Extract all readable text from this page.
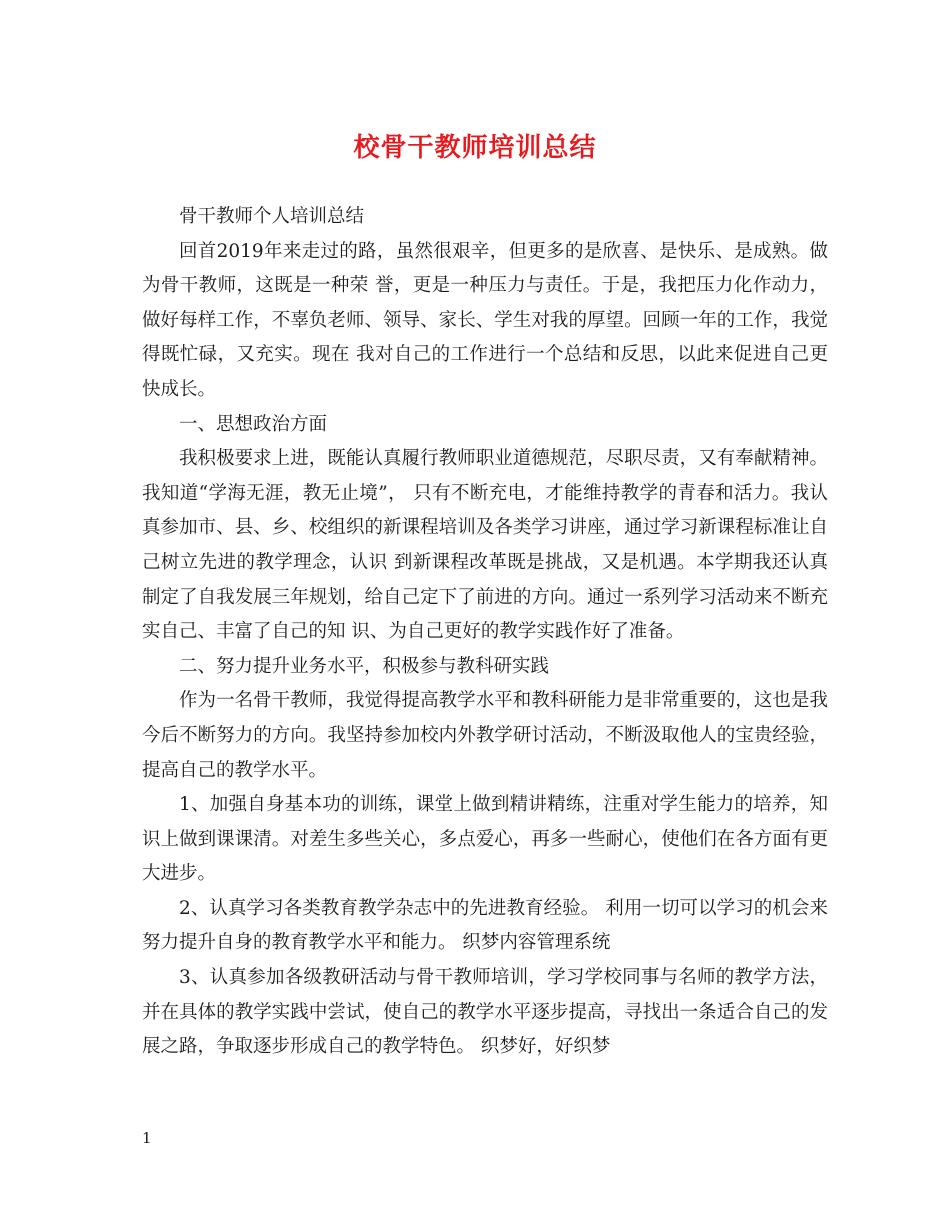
校骨干教师培训总结

骨干教师个人培训总结

回首2019年来走过的路，虽然很艰辛，但更多的是欣喜、是快乐、是成熟。做为骨干教师，这既是一种荣 誉，更是一种压力与责任。于是，我把压力化作动力，做好每样工作，不辜负老师、领导、家长、学生对我的厚望。回顾一年的工作，我觉得既忙碌，又充实。现在 我对自己的工作进行一个总结和反思，以此来促进自己更快成长。

一、思想政治方面

我积极要求上进，既能认真履行教师职业道德规范，尽职尽责，又有奉献精神。我知道“学海无涯，教无止境”， 只有不断充电，才能维持教学的青春和活力。我认真参加市、县、乡、校组织的新课程培训及各类学习讲座，通过学习新课程标准让自己树立先进的教学理念，认识 到新课程改革既是挑战，又是机遇。本学期我还认真制定了自我发展三年规划，给自己定下了前进的方向。通过一系列学习活动来不断充实自己、丰富了自己的知 识、为自己更好的教学实践作好了准备。

二、努力提升业务水平，积极参与教科研实践

作为一名骨干教师，我觉得提高教学水平和教科研能力是非常重要的，这也是我今后不断努力的方向。我坚持参加校内外教学研讨活动，不断汲取他人的宝贵经验，提高自己的教学水平。

1、加强自身基本功的训练，课堂上做到精讲精练，注重对学生能力的培养，知识上做到课课清。对差生多些关心，多点爱心，再多一些耐心，使他们在各方面有更大进步。

2、认真学习各类教育教学杂志中的先进教育经验。 利用一切可以学习的机会来努力提升自身的教育教学水平和能力。 织梦内容管理系统

3、认真参加各级教研活动与骨干教师培训，学习学校同事与名师的教学方法，并在具体的教学实践中尝试，使自己的教学水平逐步提高，寻找出一条适合自己的发展之路，争取逐步形成自己的教学特色。 织梦好，好织梦

1
